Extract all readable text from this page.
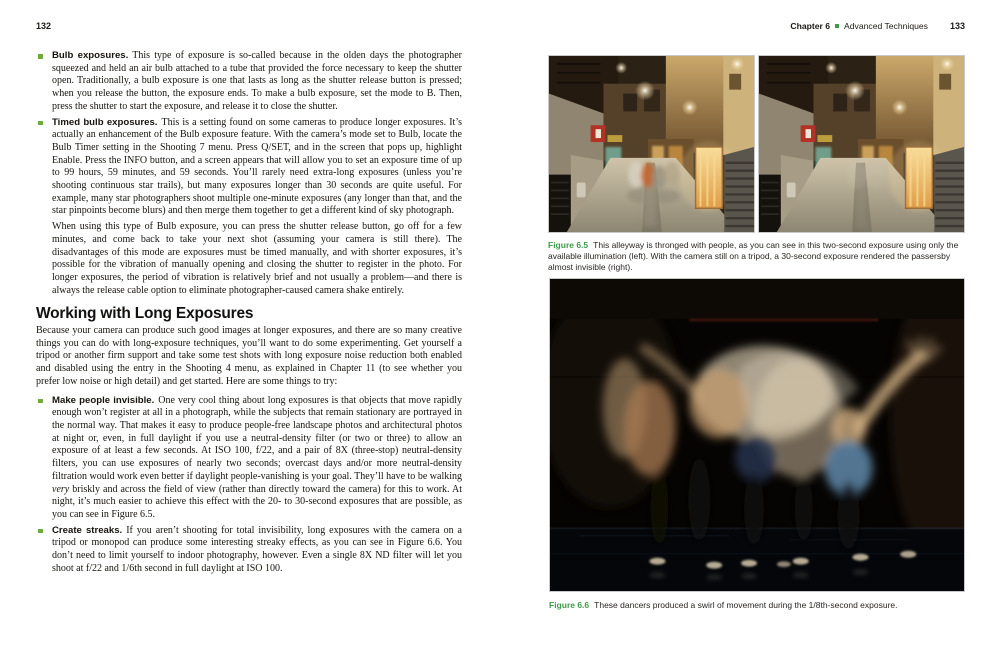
132	Chapter 6 Advanced Techniques 133
Bulb exposures. This type of exposure is so-called because in the olden days the photographer squeezed and held an air bulb attached to a tube that provided the force necessary to keep the shutter open. Traditionally, a bulb exposure is one that lasts as long as the shutter release button is pressed; when you release the button, the exposure ends. To make a bulb exposure, set the mode to B. Then, press the shutter to start the exposure, and release it to close the shutter.
Timed bulb exposures. This is a setting found on some cameras to produce longer exposures. It’s actually an enhancement of the Bulb exposure feature. With the camera’s mode set to Bulb, locate the Bulb Timer setting in the Shooting 7 menu. Press Q/SET, and in the screen that pops up, highlight Enable. Press the INFO button, and a screen appears that will allow you to set an exposure time of up to 99 hours, 59 minutes, and 59 seconds. You’ll rarely need extra-long exposures (unless you’re shooting continuous star trails), but many exposures longer than 30 seconds are quite useful. For example, many star photographers shoot multiple one-minute exposures (any longer than that, and the star pinpoints become blurs) and then merge them together to get a different kind of sky photograph.

When using this type of Bulb exposure, you can press the shutter release button, go off for a few minutes, and come back to take your next shot (assuming your camera is still there). The disadvantages of this mode are exposures must be timed manually, and with shorter exposures, it’s possible for the vibration of manually opening and closing the shutter to register in the photo. For longer exposures, the period of vibration is relatively brief and not usually a problem—and there is always the release cable option to eliminate photographer-caused camera shake entirely.

Working with Long Exposures

Because your camera can produce such good images at longer exposures, and there are so many creative things you can do with long-exposure techniques, you’ll want to do some experimenting. Get yourself a tripod or another firm support and take some test shots with long exposure noise reduction both enabled and disabled using the entry in the Shooting 4 menu, as explained in Chapter 11 (to see whether you prefer low noise or high detail) and get started. Here are some things to try:

Make people invisible. One very cool thing about long exposures is that objects that move rapidly enough won’t register at all in a photograph, while the subjects that remain stationary are portrayed in the normal way. That makes it easy to produce people-free landscape photos and architectural photos at night or, even, in full daylight if you use a neutral-density filter (or two or three) to allow an exposure of at least a few seconds. At ISO 100, f/22, and a pair of 8X (three-stop) neutral-density filters, you can use exposures of nearly two seconds; overcast days and/or more neutral-density filtration would work even better if daylight people-vanishing is your goal. They’ll have to be walking very briskly and across the field of view (rather than directly toward the camera) for this to work. At night, it’s much easier to achieve this effect with the 20- to 30-second exposures that are possible, as you can see in Figure 6.5.
Create streaks. If you aren’t shooting for total invisibility, long exposures with the camera on a tripod or monopod can produce some interesting streaky effects, as you can see in Figure 6.6. You don’t need to limit yourself to indoor photography, however. Even a single 8X ND filter will let you shoot at f/22 and 1/6th second in full daylight at ISO 100.
Figure 6.5 This alleyway is thronged with people, as you can see in this two-second exposure using only the available illumination (left). With the camera still on a tripod, a 30-second exposure rendered the passersby almost invisible (right).
Figure 6.6 These dancers produced a swirl of movement during the 1/8th-second exposure.
